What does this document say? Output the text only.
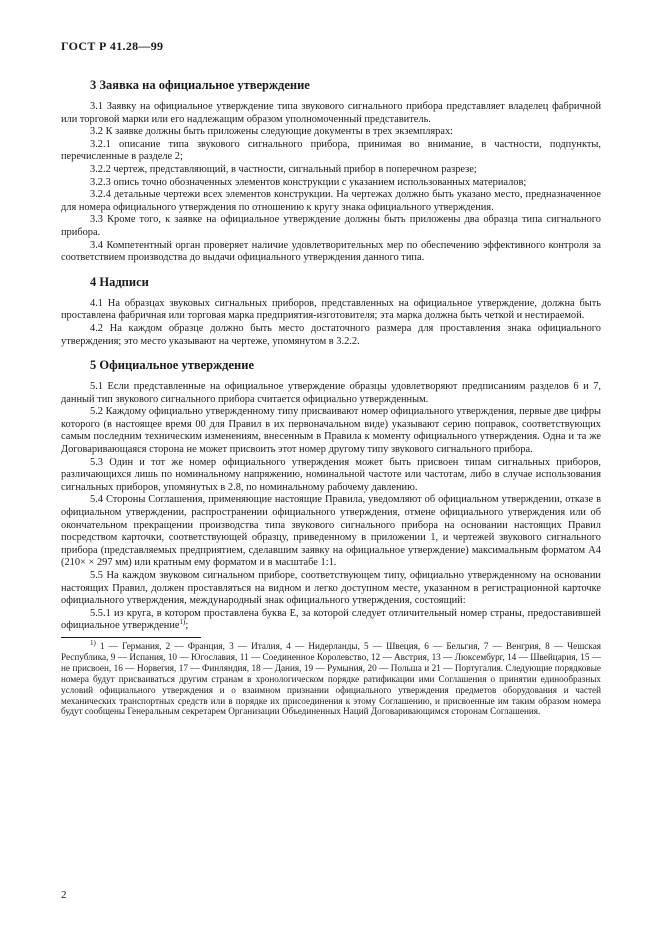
ГОСТ Р 41.28—99
3 Заявка на официальное утверждение

3.1 Заявку на официальное утверждение типа звукового сигнального прибора представляет владелец фабричной или торговой марки или его надлежащим образом уполномоченный представитель.

3.2 К заявке должны быть приложены следующие документы в трех экземплярах:

3.2.1 описание типа звукового сигнального прибора, принимая во внимание, в частности, подпункты, перечисленные в разделе 2;

3.2.2 чертеж, представляющий, в частности, сигнальный прибор в поперечном разрезе;

3.2.3 опись точно обозначенных элементов конструкции с указанием использованных материалов;

3.2.4 детальные чертежи всех элементов конструкции. На чертежах должно быть указано место, предназначенное для номера официального утверждения по отношению к кругу знака официального утверждения.

3.3 Кроме того, к заявке на официальное утверждение должны быть приложены два образца типа сигнального прибора.

3.4 Компетентный орган проверяет наличие удовлетворительных мер по обеспечению эффективного контроля за соответствием производства до выдачи официального утверждения данного типа.

4 Надписи

4.1 На образцах звуковых сигнальных приборов, представленных на официальное утверждение, должна быть проставлена фабричная или торговая марка предприятия-изготовителя; эта марка должна быть четкой и нестираемой.

4.2 На каждом образце должно быть место достаточного размера для проставления знака официального утверждения; это место указывают на чертеже, упомянутом в 3.2.2.

5 Официальное утверждение

5.1 Если представленные на официальное утверждение образцы удовлетворяют предписаниям разделов 6 и 7, данный тип звукового сигнального прибора считается официально утвержденным.

5.2 Каждому официально утвержденному типу присваивают номер официального утверждения, первые две цифры которого (в настоящее время 00 для Правил в их первоначальном виде) указывают серию поправок, соответствующих самым последним техническим изменениям, внесенным в Правила к моменту официального утверждения. Одна и та же Договаривающаяся сторона не может присвоить этот номер другому типу звукового сигнального прибора.

5.3 Один и тот же номер официального утверждения может быть присвоен типам сигнальных приборов, различающихся лишь по номинальному напряжению, номинальной частоте или частотам, либо в случае использования сигнальных приборов, упомянутых в 2.8, по номинальному рабочему давлению.

5.4 Стороны Соглашения, применяющие настоящие Правила, уведомляют об официальном утверждении, отказе в официальном утверждении, распространении официального утверждения, отмене официального утверждения или об окончательном прекращении производства типа звукового сигнального прибора на основании настоящих Правил посредством карточки, соответствующей образцу, приведенному в приложении 1, и чертежей звукового сигнального прибора (представляемых предприятием, сделавшим заявку на официальное утверждение) максимальным форматом А4 (210× × 297 мм) или кратным ему форматом и в масштабе 1:1.

5.5 На каждом звуковом сигнальном приборе, соответствующем типу, официально утвержденному на основании настоящих Правил, должен проставляться на видном и легко доступном месте, указанном в регистрационной карточке официального утверждения, международный знак официального утверждения, состоящий:

5.5.1 из круга, в котором проставлена буква Е, за которой следует отличительный номер страны, предоставившей официальное утверждение$^{1)}$;

$^{1)}$ 1 — Германия, 2 — Франция, 3 — Италия, 4 — Нидерланды, 5 — Швеция, 6 — Бельгия, 7 — Венгрия, 8 — Чешская Республика, 9 — Испания, 10 — Югославия, 11 — Соединенное Королевство, 12 — Австрия, 13 — Люксембург, 14 — Швейцария, 15 — не присвоен, 16 — Норвегия, 17 — Финляндия, 18 — Дания, 19 — Румыния, 20 — Польша и 21 — Португалия. Следующие порядковые номера будут присваиваться другим странам в хронологическом порядке ратификации ими Соглашения о принятии единообразных условий официального утверждения и о взаимном признании официального утверждения предметов оборудования и частей механических транспортных средств или в порядке их присоединения к этому Соглашению, и присвоенные им таким образом номера будут сообщены Генеральным секретарем Организации Объединенных Наций Договаривающимся сторонам Соглашения.

2
